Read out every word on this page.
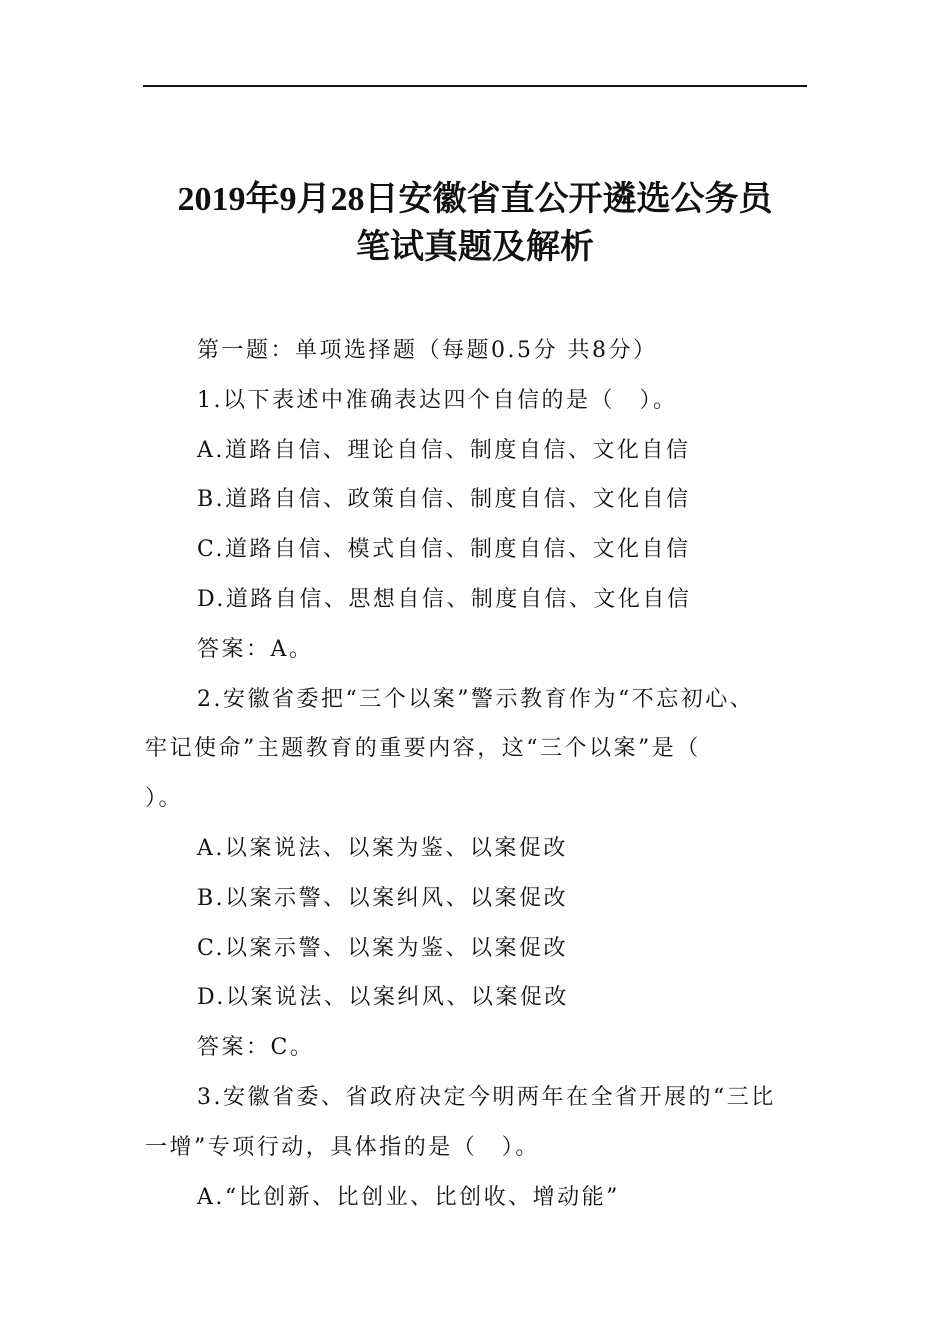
2019年9月28日安徽省直公开遴选公务员
笔试真题及解析

第一题：单项选择题（每题0.5分 共8分）

1.以下表述中准确表达四个自信的是（　）。

A.道路自信、理论自信、制度自信、文化自信

B.道路自信、政策自信、制度自信、文化自信

C.道路自信、模式自信、制度自信、文化自信

D.道路自信、思想自信、制度自信、文化自信

答案：A。

2.安徽省委把“三个以案”警示教育作为“不忘初心、

牢记使命”主题教育的重要内容，这“三个以案”是（

）。

A.以案说法、以案为鉴、以案促改

B.以案示警、以案纠风、以案促改

C.以案示警、以案为鉴、以案促改

D.以案说法、以案纠风、以案促改

答案：C。

3.安徽省委、省政府决定今明两年在全省开展的“三比

一增”专项行动，具体指的是（　）。

A.“比创新、比创业、比创收、增动能”
